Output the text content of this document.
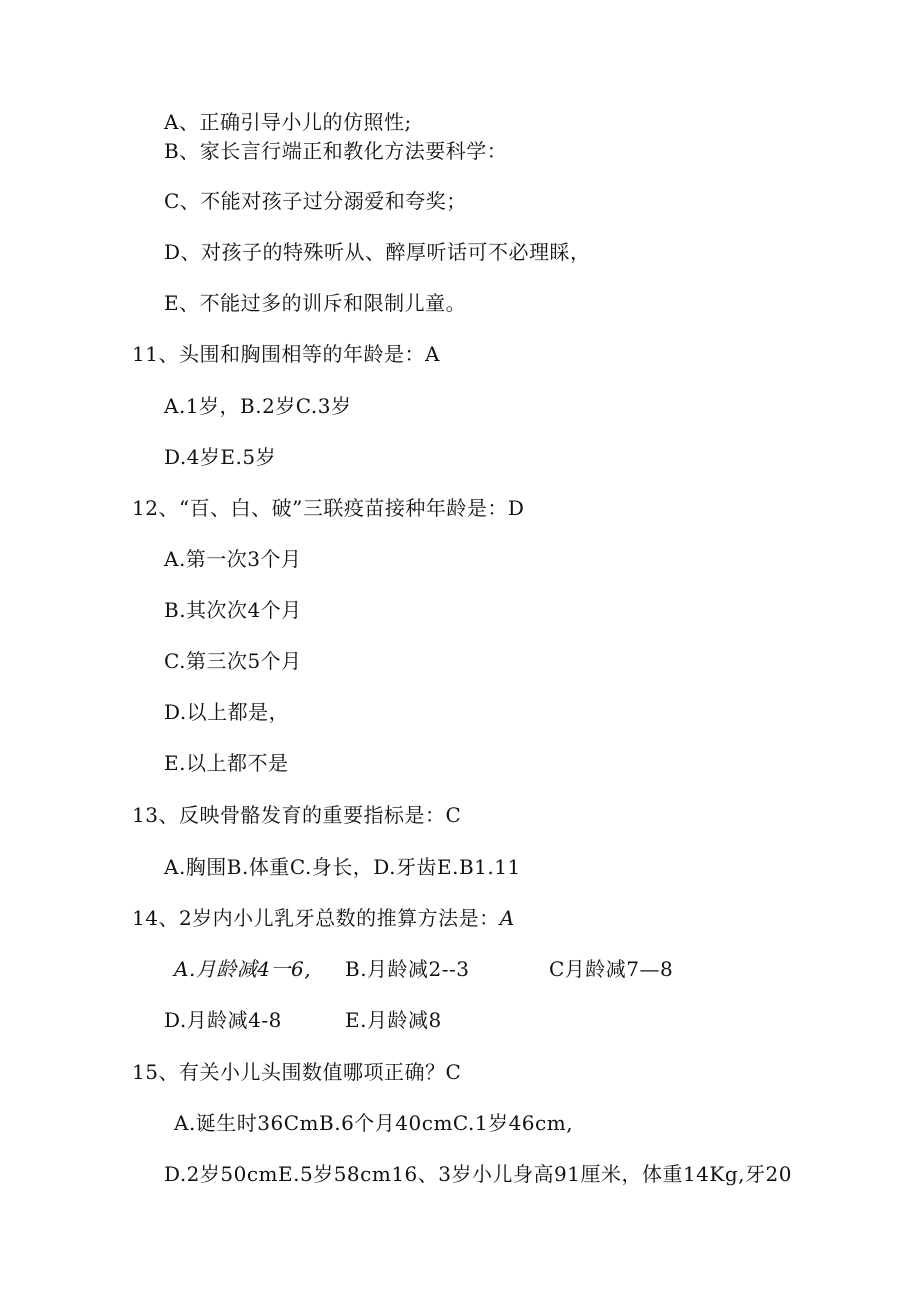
A、正确引导小儿的仿照性;
B、家长言行端正和教化方法要科学：
C、不能对孩子过分溺爱和夸奖；
D、对孩子的特殊听从、醉厚听话可不必理睬，
E、不能过多的训斥和限制儿童。
11、头围和胸围相等的年龄是：A
A.1岁，B.2岁C.3岁
D.4岁E.5岁
12、“百、白、破”三联疫苗接种年龄是：D
A.第一次3个月
B.其次次4个月
C.第三次5个月
D.以上都是，
E.以上都不是
13、反映骨骼发育的重要指标是：C
A.胸围B.体重C.身长，D.牙齿E.B1.11
14、2岁内小儿乳牙总数的推算方法是：A
A.月龄减4一6, B.月龄减2--3	C月龄减7—8
D.月龄减4-8	E.月龄减8
15、有关小儿头围数值哪项正确？C
A.诞生时36CmB.6个月40cmC.1岁46cm,
D.2岁50cmE.5岁58cm16、3岁小儿身高91厘米，体重14Kg,牙20
